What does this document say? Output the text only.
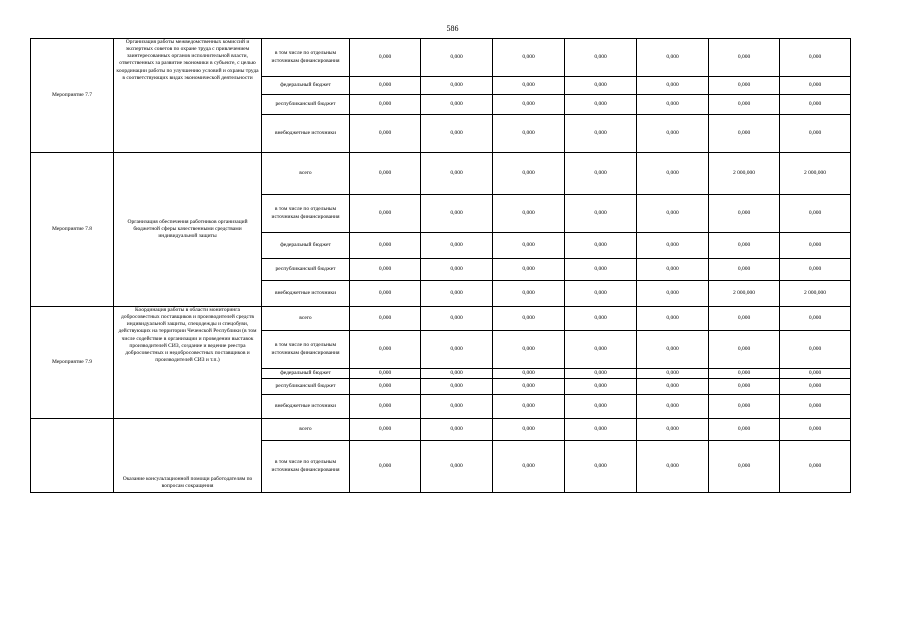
586
Мероприятие 7.7	Организация работы межведомственных комиссий и экспертных советов по охране труда с привлечением заинтересованных органов исполнительной власти, ответственных за развитие экономики в субъекте, с целью координации работы по улучшению условий и охраны труда в соответствующих видах экономической деятельности	в том числе по отдельным источникам финансирования	0,000	0,000	0,000	0,000	0,000	0,000	0,000
		федеральный бюджет	0,000	0,000	0,000	0,000	0,000	0,000	0,000
		республиканский бюджет	0,000	0,000	0,000	0,000	0,000	0,000	0,000
		внебюджетные источники	0,000	0,000	0,000	0,000	0,000	0,000	0,000
Мероприятие 7.8	Организация обеспечения работников организаций бюджетной сферы качественными средствами индивидуальной защиты	всего	0,000	0,000	0,000	0,000	0,000	2 000,000	2 000,000
		в том числе по отдельным источникам финансирования	0,000	0,000	0,000	0,000	0,000	0,000	0,000
		федеральный бюджет	0,000	0,000	0,000	0,000	0,000	0,000	0,000
		республиканский бюджет	0,000	0,000	0,000	0,000	0,000	0,000	0,000
		внебюджетные источники	0,000	0,000	0,000	0,000	0,000	2 000,000	2 000,000
Мероприятие 7.9	Координация работы в области мониторинга добросовестных поставщиков и производителей средств индивидуальной защиты, спецодежды и спецобуви, действующих на территории Чеченской Республики (в том числе содействие в организации и проведении выставок производителей СИЗ, создание и ведение реестра добросовестных и недобросовестных поставщиков и производителей СИЗ и т.п.)	всего	0,000	0,000	0,000	0,000	0,000	0,000	0,000
		в том числе по отдельным источникам финансирования	0,000	0,000	0,000	0,000	0,000	0,000	0,000
		федеральный бюджет	0,000	0,000	0,000	0,000	0,000	0,000	0,000
		республиканский бюджет	0,000	0,000	0,000	0,000	0,000	0,000	0,000
		внебюджетные источники	0,000	0,000	0,000	0,000	0,000	0,000	0,000
	Оказание консультационной помощи работодателям по вопросам сокращения	всего	0,000	0,000	0,000	0,000	0,000	0,000	0,000
		в том числе по отдельным источникам финансирования	0,000	0,000	0,000	0,000	0,000	0,000	0,000
